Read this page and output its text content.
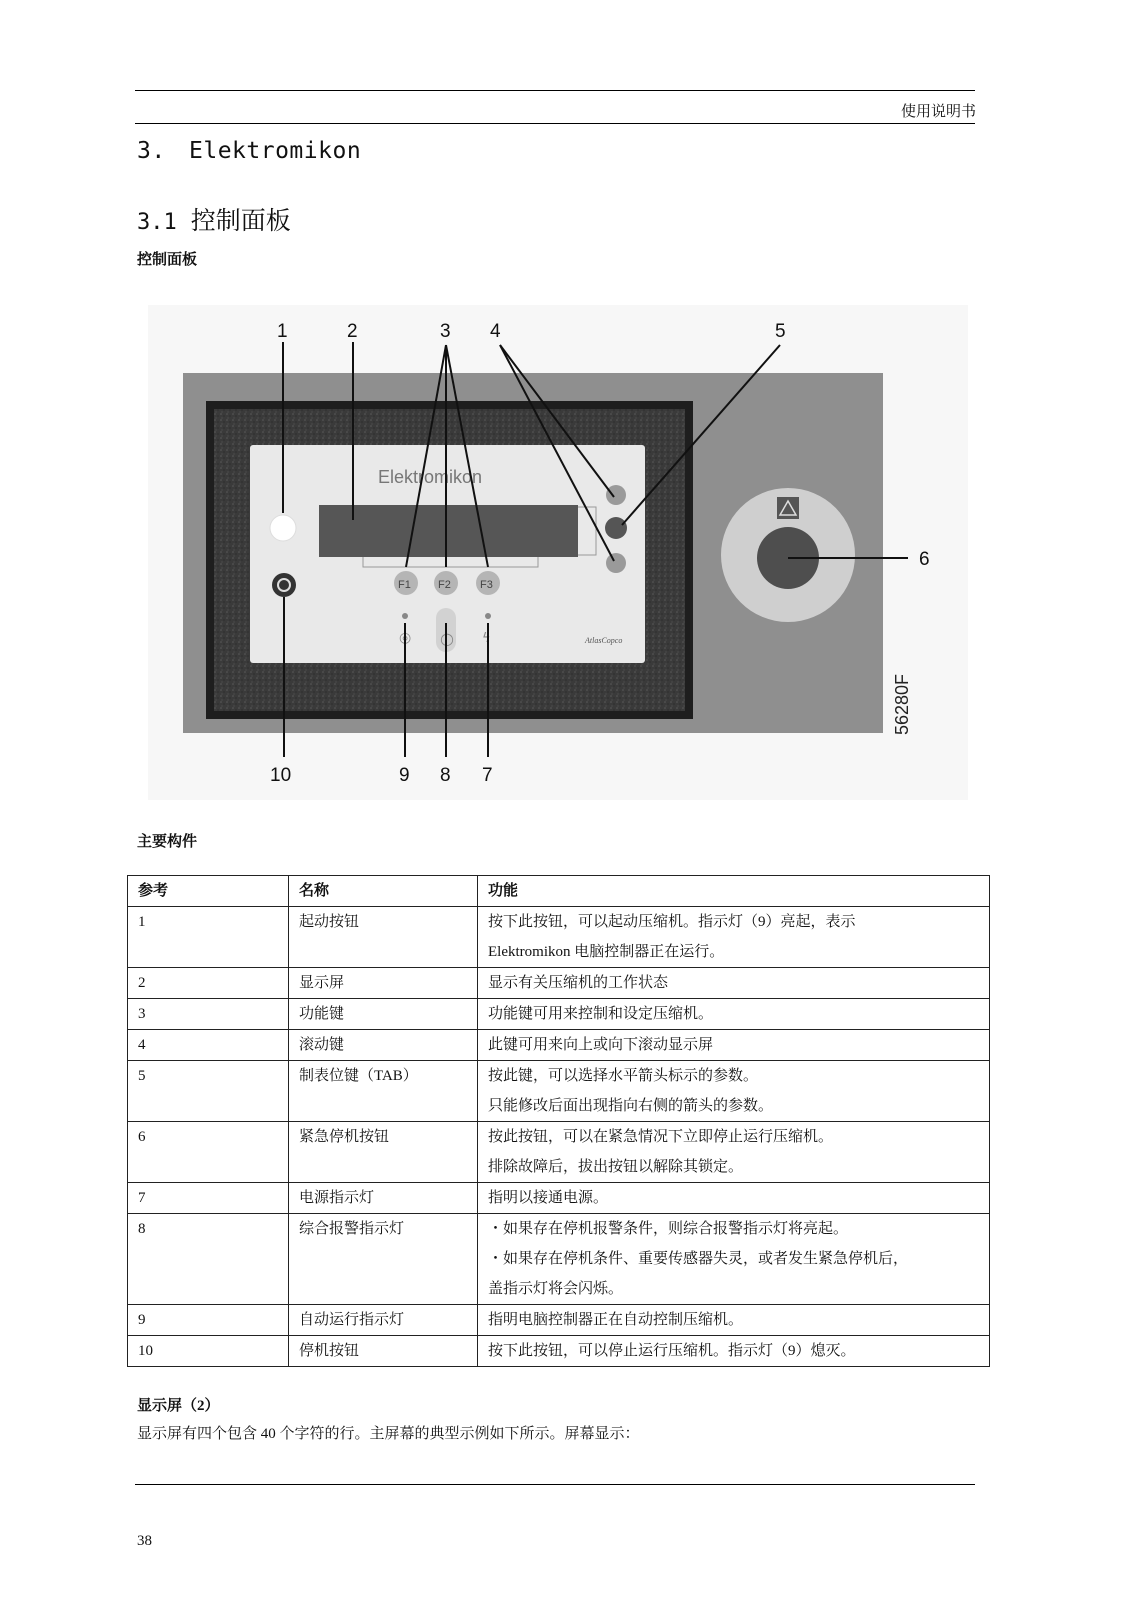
使用说明书
3. Elektromikon
3.1 控制面板
控制面板
Elektromikon
F1 F2	F3
◎ ○ ϟ	AtlasCopco
1	2	3 4	5
6
7
8
9
10
56280F
主要构件
参考	名称	功能
1	起动按钮	按下此按钮，可以起动压缩机。指示灯（9）亮起，表示
Elektromikon 电脑控制器正在运行。

2	显示屏	显示有关压缩机的工作状态

3	功能键	功能键可用来控制和设定压缩机。

4	滚动键	此键可用来向上或向下滚动显示屏

5	制表位键（TAB）	按此键，可以选择水平箭头标示的参数。
只能修改后面出现指向右侧的箭头的参数。

6	紧急停机按钮	按此按钮，可以在紧急情况下立即停止运行压缩机。
排除故障后，拔出按钮以解除其锁定。

7	电源指示灯	指明以接通电源。

8	综合报警指示灯	・如果存在停机报警条件，则综合报警指示灯将亮起。
・如果存在停机条件、重要传感器失灵，或者发生紧急停机后，
盖指示灯将会闪烁。

9	自动运行指示灯	指明电脑控制器正在自动控制压缩机。

10	停机按钮	按下此按钮，可以停止运行压缩机。指示灯（9）熄灭。
显示屏（2）
显示屏有四个包含 40 个字符的行。主屏幕的典型示例如下所示。屏幕显示：
38
